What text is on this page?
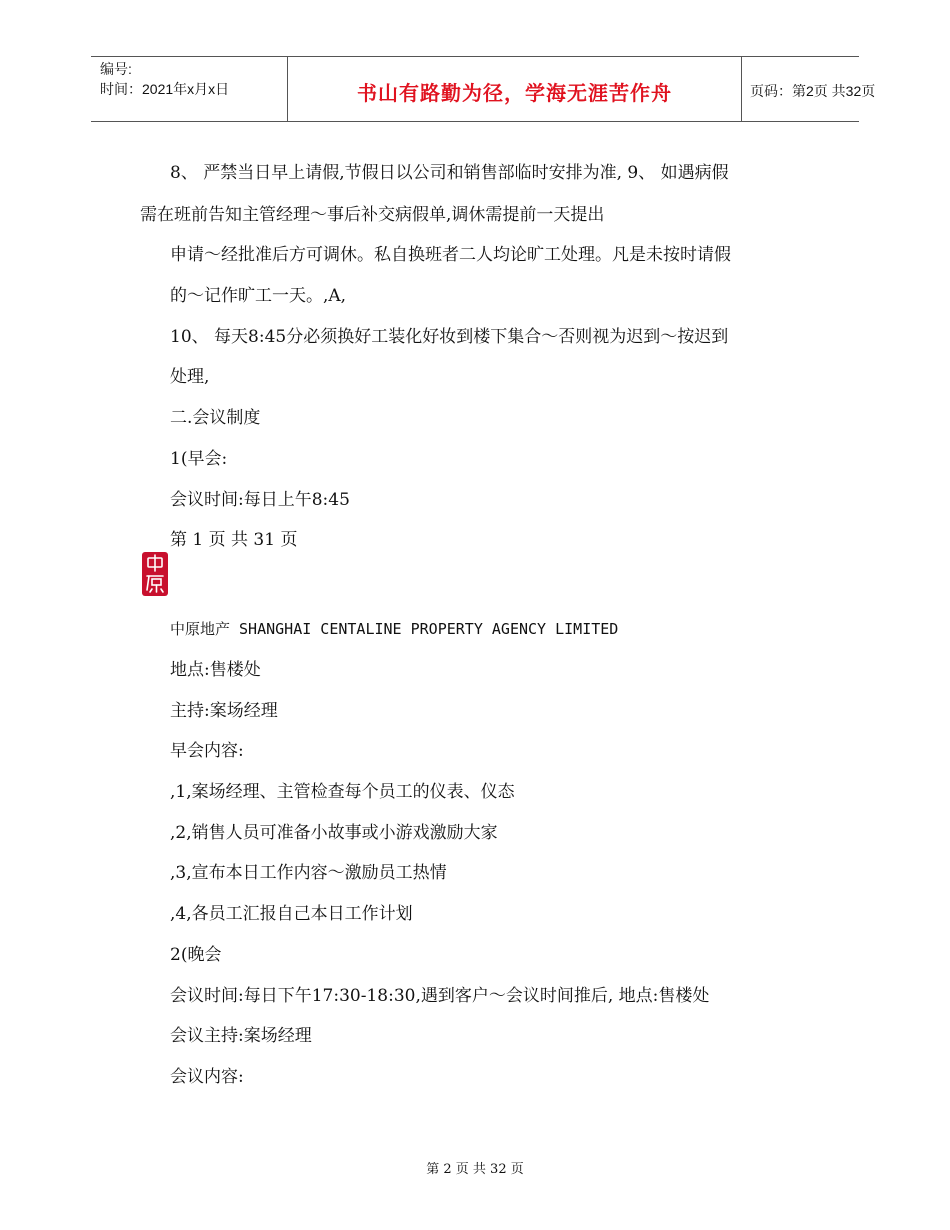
编号:
时间：2021年x月x日	书山有路勤为径，学海无涯苦作舟	页码：第2页 共32页
8、 严禁当日早上请假,节假日以公司和销售部临时安排为准, 9、 如遇病假
需在班前告知主管经理～事后补交病假单,调休需提前一天提出
申请～经批准后方可调休。私自换班者二人均论旷工处理。凡是未按时请假
的～记作旷工一天。,A,
10、 每天8:45分必须换好工装化好妆到楼下集合～否则视为迟到～按迟到
处理,
二.会议制度
1(早会:
会议时间:每日上午8:45
第 1 页 共 31 页
中原地产 SHANGHAI CENTALINE PROPERTY AGENCY LIMITED
地点:售楼处
主持:案场经理
早会内容:
,1,案场经理、主管检查每个员工的仪表、仪态
,2,销售人员可准备小故事或小游戏激励大家
,3,宣布本日工作内容～激励员工热情
,4,各员工汇报自己本日工作计划
2(晚会
会议时间:每日下午17:30-18:30,遇到客户～会议时间推后, 地点:售楼处
会议主持:案场经理
会议内容:
第 2 页 共 32 页
